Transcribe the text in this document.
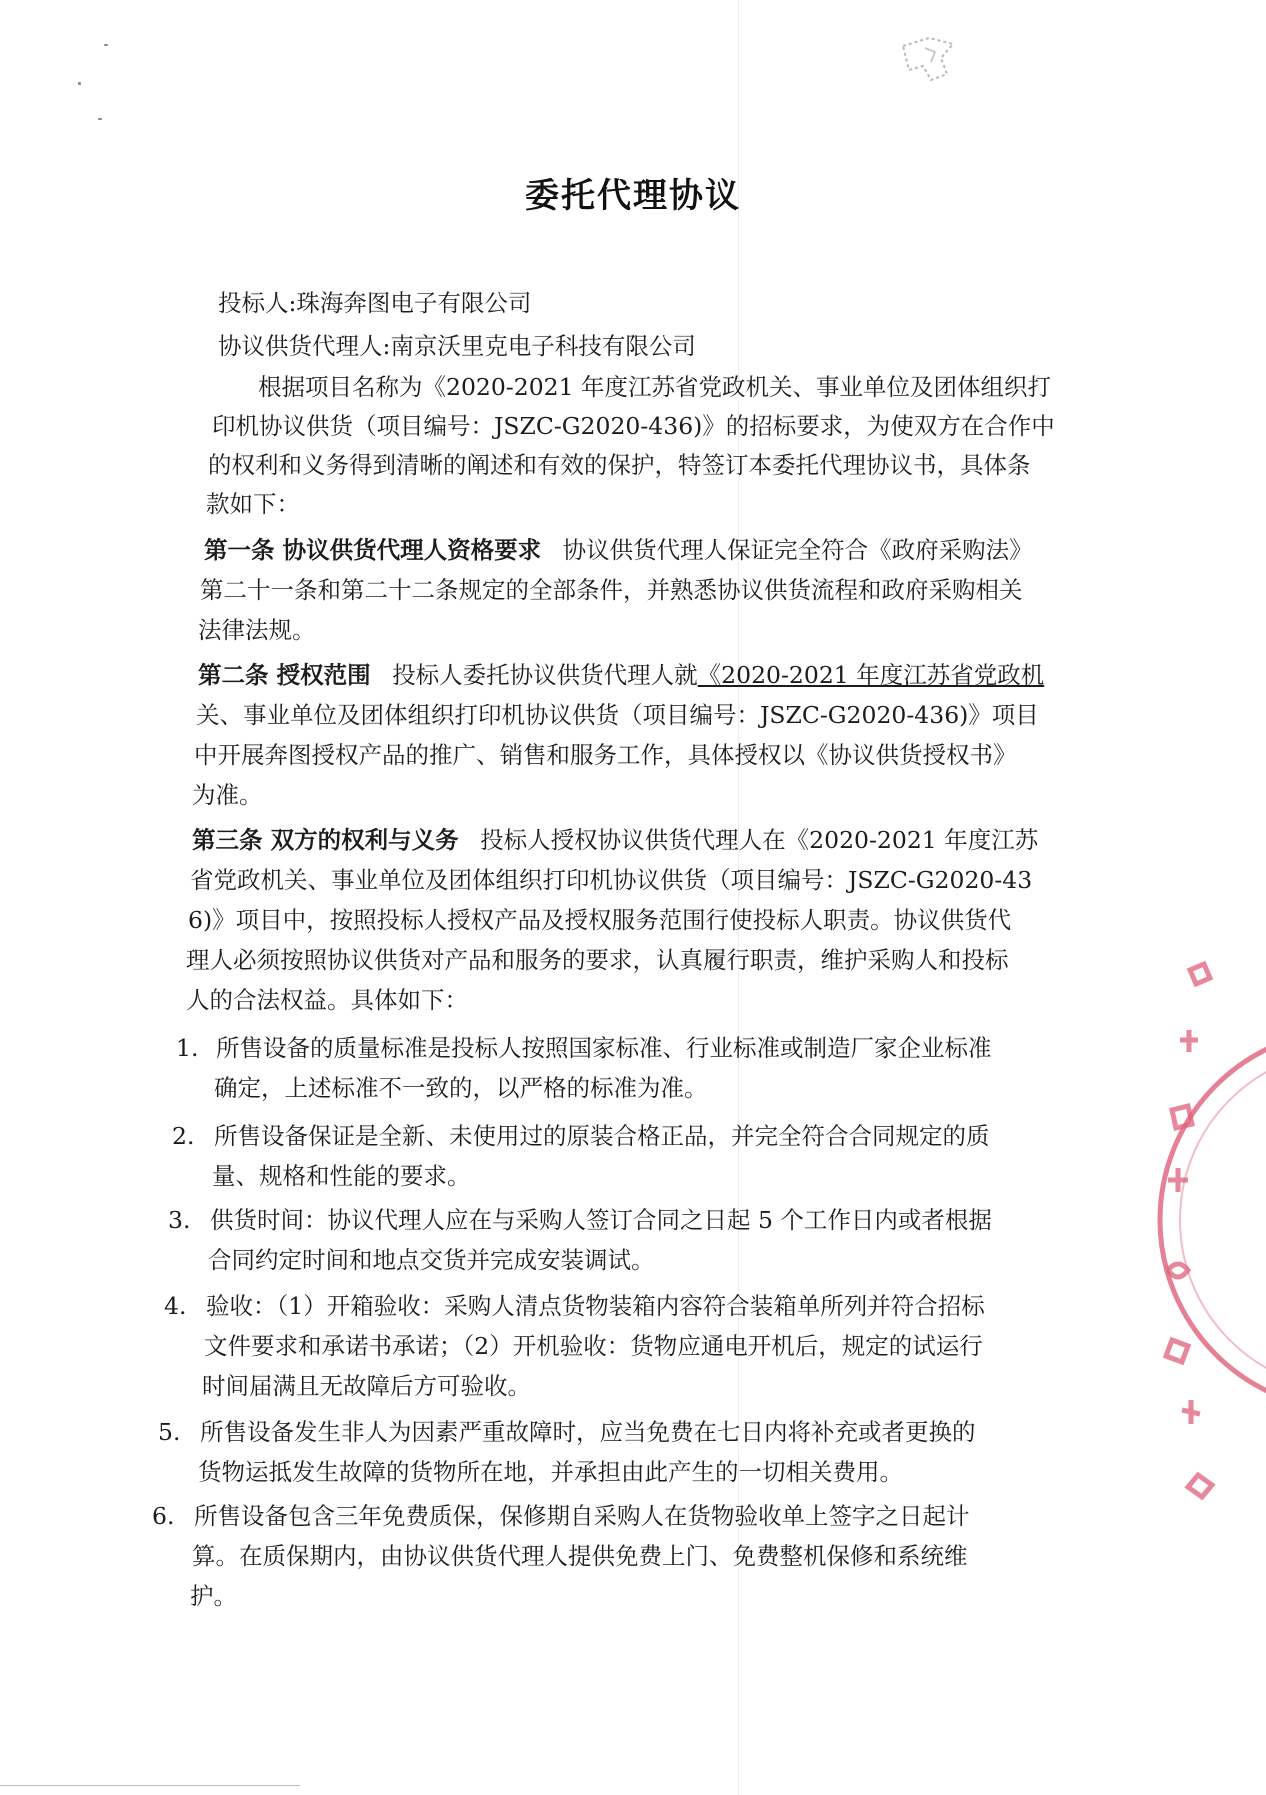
委托代理协议
投标人:珠海奔图电子有限公司
协议供货代理人:南京沃里克电子科技有限公司
根据项目名称为《2020-2021 年度江苏省党政机关、事业单位及团体组织打
印机协议供货（项目编号：JSZC-G2020-436)》的招标要求，为使双方在合作中
的权利和义务得到清晰的阐述和有效的保护，特签订本委托代理协议书，具体条
款如下：
第一条 协议供货代理人资格要求 协议供货代理人保证完全符合《政府采购法》
第二十一条和第二十二条规定的全部条件，并熟悉协议供货流程和政府采购相关
法律法规。
第二条 授权范围 投标人委托协议供货代理人就《2020-2021 年度江苏省党政机
关、事业单位及团体组织打印机协议供货（项目编号：JSZC-G2020-436)》项目
中开展奔图授权产品的推广、销售和服务工作，具体授权以《协议供货授权书》
为准。
第三条 双方的权利与义务 投标人授权协议供货代理人在《2020-2021 年度江苏
省党政机关、事业单位及团体组织打印机协议供货（项目编号：JSZC-G2020-43
6)》项目中，按照投标人授权产品及授权服务范围行使投标人职责。协议供货代
理人必须按照协议供货对产品和服务的要求，认真履行职责，维护采购人和投标
人的合法权益。具体如下：
1. 所售设备的质量标准是投标人按照国家标准、行业标准或制造厂家企业标准
确定，上述标准不一致的，以严格的标准为准。
2. 所售设备保证是全新、未使用过的原装合格正品，并完全符合合同规定的质
量、规格和性能的要求。
3. 供货时间：协议代理人应在与采购人签订合同之日起 5 个工作日内或者根据
合同约定时间和地点交货并完成安装调试。
4. 验收：（1）开箱验收：采购人清点货物装箱内容符合装箱单所列并符合招标
文件要求和承诺书承诺；（2）开机验收：货物应通电开机后，规定的试运行
时间届满且无故障后方可验收。
5. 所售设备发生非人为因素严重故障时，应当免费在七日内将补充或者更换的
货物运抵发生故障的货物所在地，并承担由此产生的一切相关费用。
6. 所售设备包含三年免费质保，保修期自采购人在货物验收单上签字之日起计
算。在质保期内，由协议供货代理人提供免费上门、免费整机保修和系统维
护。
